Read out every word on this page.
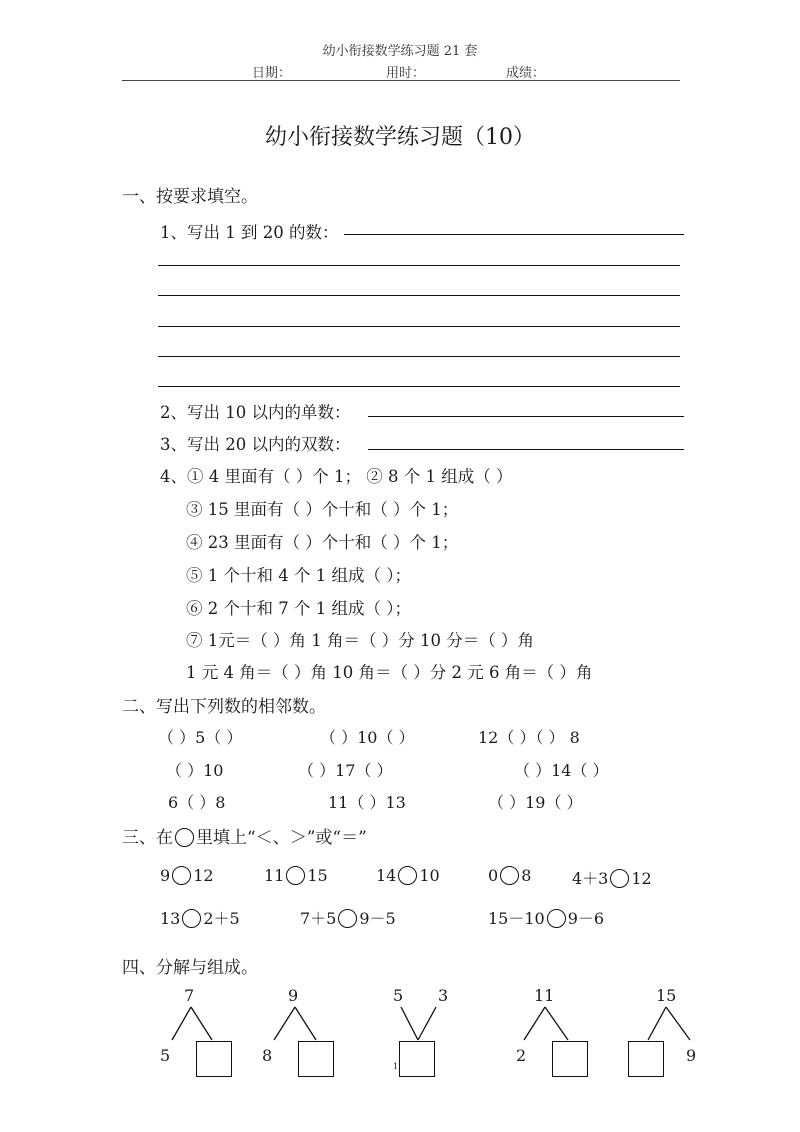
幼小衔接数学练习题 21 套
日期：	用时：	成绩：
幼小衔接数学练习题（10）
一、按要求填空。
1、写出 1 到 20 的数：
2、写出 10 以内的单数：
3、写出 20 以内的双数：
4、① 4 里面有（ ）个 1； ② 8 个 1 组成（ ）
③ 15 里面有（ ）个十和（ ）个 1；
④ 23 里面有（ ）个十和（ ）个 1；
⑤ 1 个十和 4 个 1 组成（ ）；
⑥ 2 个十和 7 个 1 组成（ ）；
⑦ 1元＝（ ）角 1 角＝（ ）分 10 分＝（ ）角
1 元 4 角＝（ ）角 10 角＝（ ）分 2 元 6 角＝（ ）角
二、写出下列数的相邻数。
（ ）5（ ）	（ ）10（ ）	12（ ）（ ） 8
（ ）10	（ ）17（ ）	（ ）14（ ）
6（ ）8	11（ ）13	（ ）19（ ）
三、在 里填上“＜、＞”或“＝”
9 12	11 15	14 10	0 8	4＋3 12
13 2＋5	7＋5 9－5	15－10 9－6
四、分解与组成。
7
5
9
8
5 3
1
11
2
15
9
